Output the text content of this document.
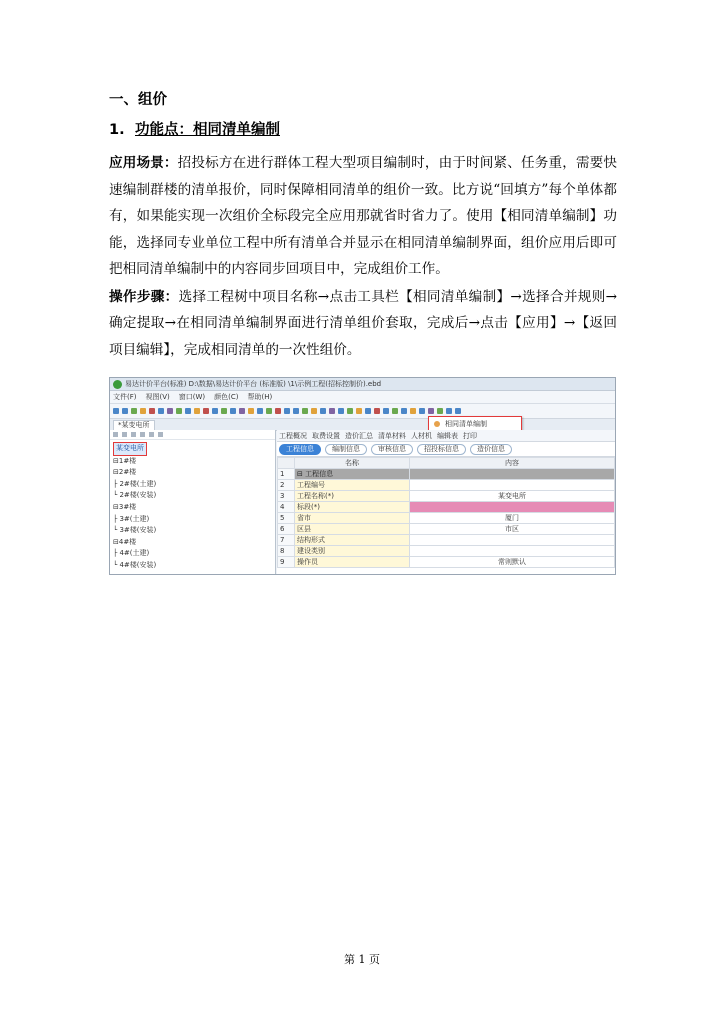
一、组价
1. 功能点：相同清单编制

应用场景：招投标方在进行群体工程大型项目编制时，由于时间紧、任务重，需要快速编制群楼的清单报价，同时保障相同清单的组价一致。比方说“回填方”每个单体都有，如果能实现一次组价全标段完全应用那就省时省力了。使用【相同清单编制】功能，选择同专业单位工程中所有清单合并显示在相同清单编制界面，组价应用后即可把相同清单编制中的内容同步回项目中，完成组价工作。

操作步骤：选择工程树中项目名称→点击工具栏【相同清单编制】→选择合并规则→确定提取→在相同清单编制界面进行清单组价套取，完成后→点击【应用】→【返回项目编辑】，完成相同清单的一次性组价。

易达计价平台(标准) D:\数据\易达计价平台 (标准版) \1\示例工程(招标控制价).ebd
文件(F) 视图(V) 窗口(W) 颜色(C) 帮助(H)
*某变电所	相同清单编制
某变电所
⊟1#楼
⊟2#楼
├ 2#楼(土建)
└ 2#楼(安装)
⊟3#楼
├ 3#(土建)
└ 3#楼(安装)
⊟4#楼
├ 4#(土建)
└ 4#楼(安装)
工程概况 取费设置 造价汇总 清单材料 人材机 编辑表 打印
工程信息	编制信息	审核信息	招投标信息	造价信息
	名称	内容
1	⊟ 工程信息	
2	工程编号	
3	工程名称(*)	某变电所
4	标段(*)	
5	省市	厦门
6	区县	市区
7	结构形式	
8	建设类别	
9	操作员	常则默认
第 1 页
